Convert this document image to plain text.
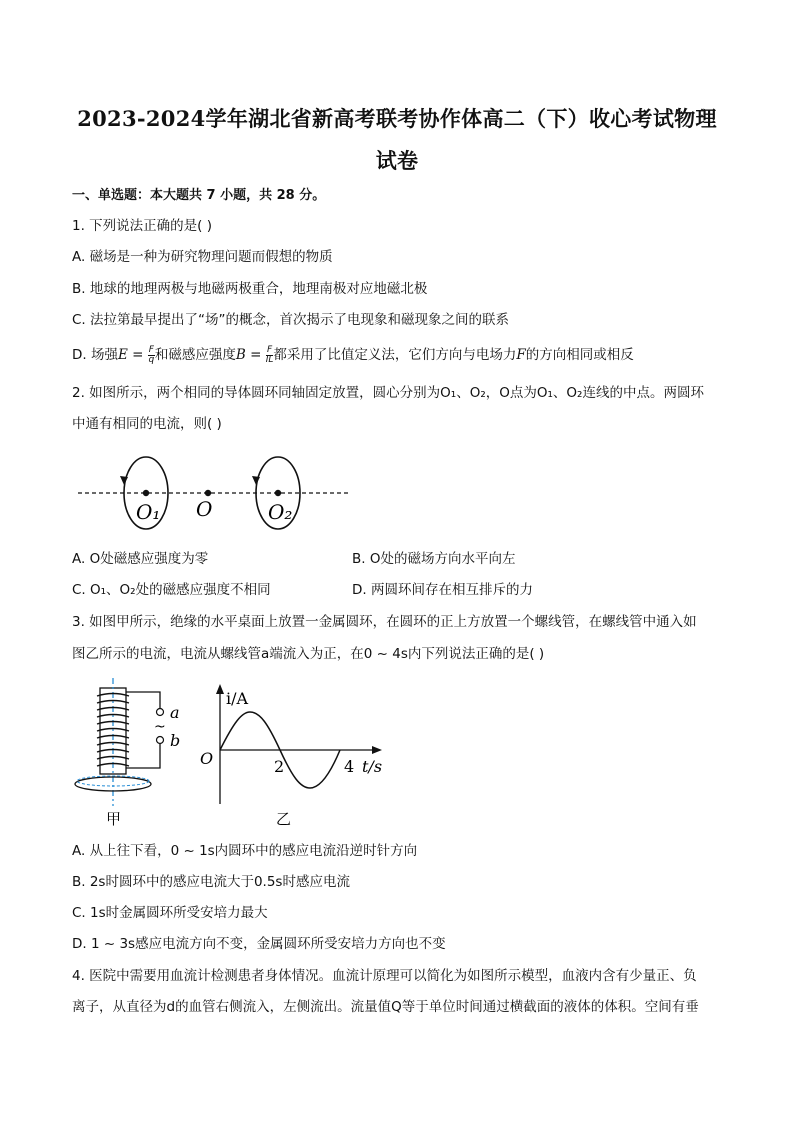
2023-2024学年湖北省新高考联考协作体高二（下）收心考试物理试卷
一、单选题：本大题共 7 小题，共 28 分。
1. 下列说法正确的是( )
A. 磁场是一种为研究物理问题而假想的物质
B. 地球的地理两极与地磁两极重合，地理南极对应地磁北极
C. 法拉第最早提出了“场”的概念，首次揭示了电现象和磁现象之间的联系
D. 场强$E = \frac{F}{q}$ 和磁感应强度$B = \frac{F}{IL}$ 都采用了比值定义法，它们方向与电场力F的方向相同或相反
2. 如图所示，两个相同的导体圆环同轴固定放置，圆心分别为O₁、O₂，O点为O₁、O₂连线的中点。两圆环
中通有相同的电流，则( )
O₁ O	O₂
A. O处磁感应强度为零	B. O处的磁场方向水平向左
C. O₁、O₂处的磁感应强度不相同	D. 两圆环间存在相互排斥的力
3. 如图甲所示，绝缘的水平桌面上放置一金属圆环，在圆环的正上方放置一个螺线管，在螺线管中通入如
图乙所示的电流，电流从螺线管a端流入为正，在0 ~ 4s内下列说法正确的是( )
a
~
b
甲
i/A
O	2	4 t/s
乙
A. 从上往下看，0 ~ 1s内圆环中的感应电流沿逆时针方向
B. 2s时圆环中的感应电流大于0.5s时感应电流
C. 1s时金属圆环所受安培力最大
D. 1 ~ 3s感应电流方向不变，金属圆环所受安培力方向也不变
4. 医院中需要用血流计检测患者身体情况。血流计原理可以简化为如图所示模型，血液内含有少量正、负
离子，从直径为d的血管右侧流入，左侧流出。流量值Q等于单位时间通过横截面的液体的体积。空间有垂
